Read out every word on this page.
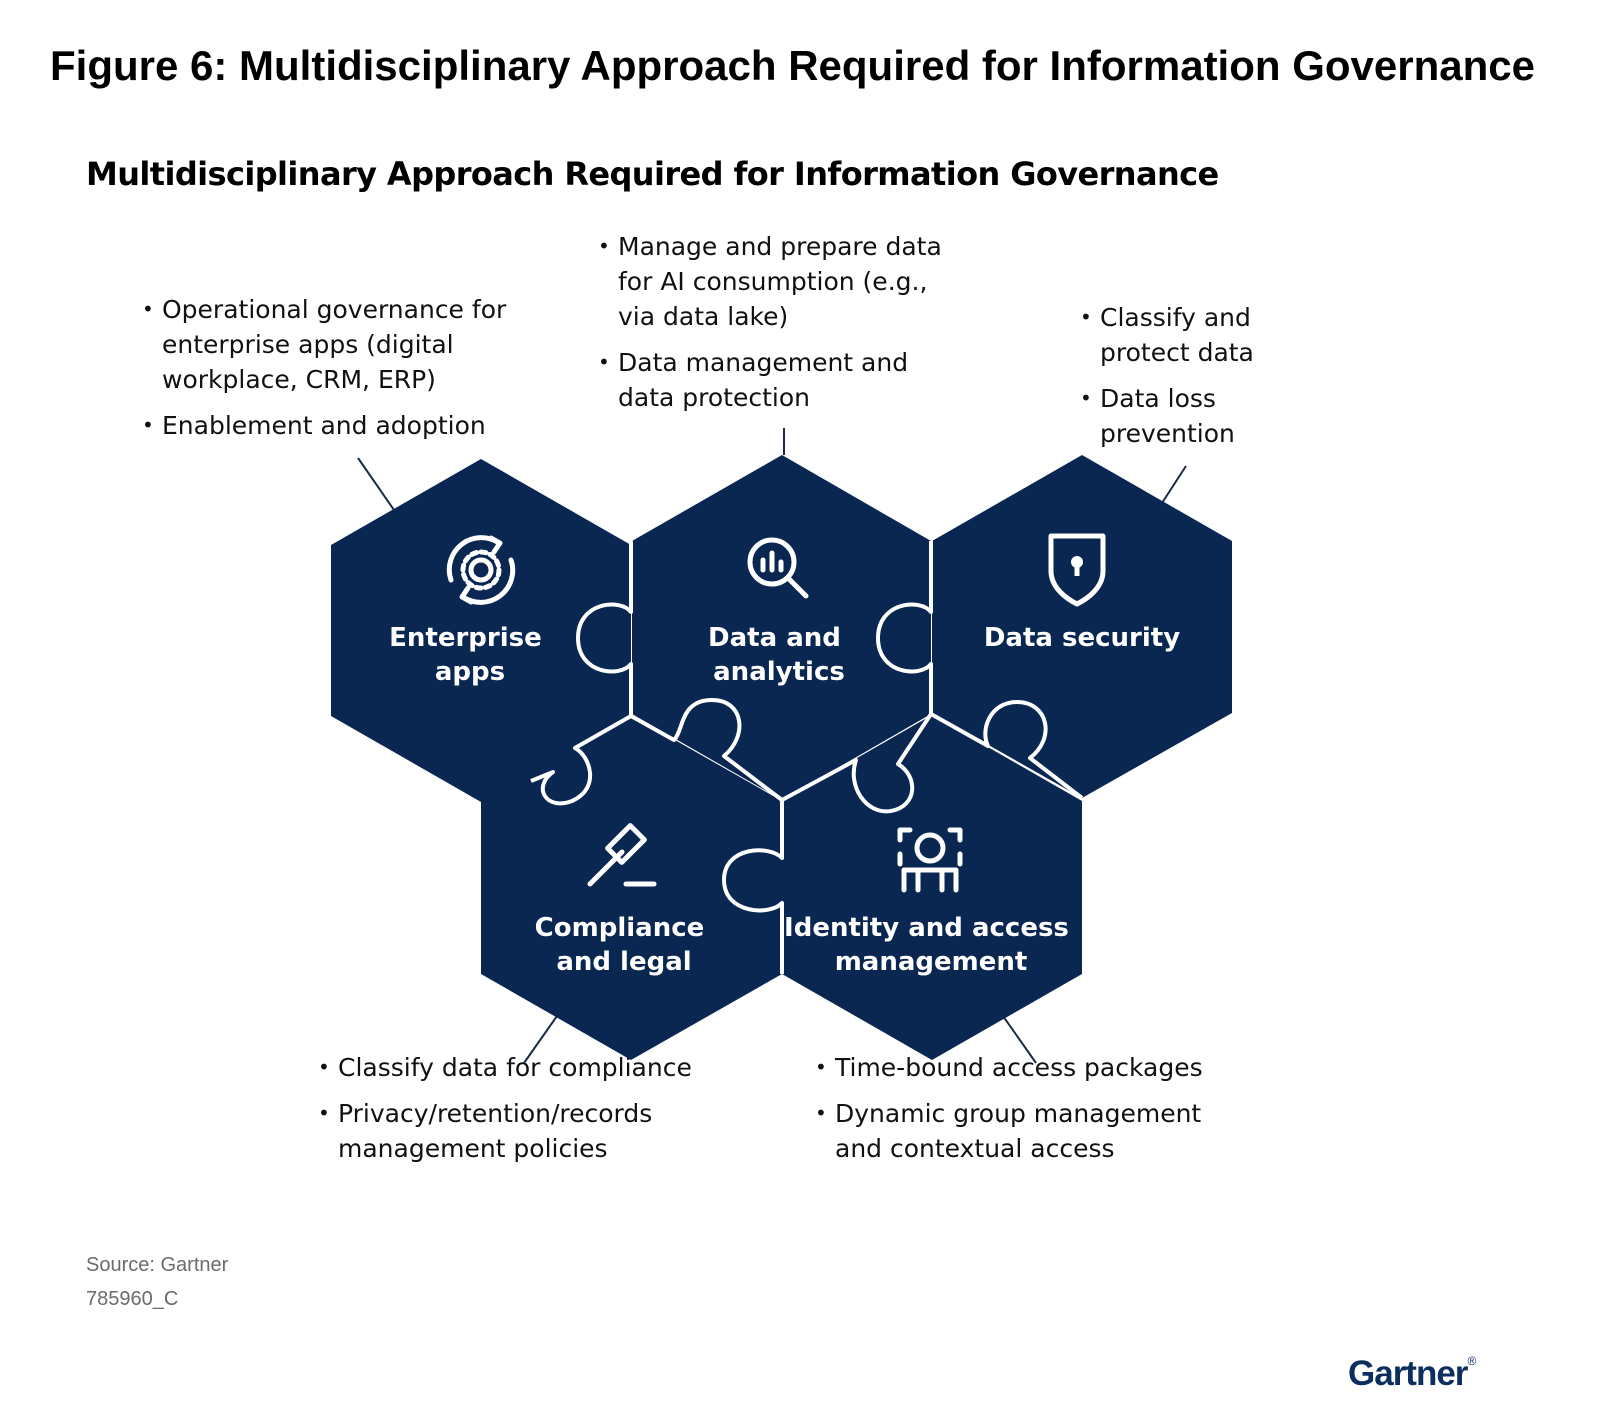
Figure 6: Multidisciplinary Approach Required for Information Governance
Multidisciplinary Approach Required for Information Governance
• Operational governance for enterprise apps (digital workplace, CRM, ERP)
• Enablement and adoption
• Manage and prepare data for AI consumption (e.g., via data lake)
• Data management and data protection
• Classify and protect data
• Data loss prevention
• Classify data for compliance
• Privacy/retention/records management policies
• Time-bound access packages
• Dynamic group management and contextual access
Enterprise apps
Data and analytics
Data security
Compliance and legal
Identity and access management
Source: Gartner
785960_C
Gartner®
